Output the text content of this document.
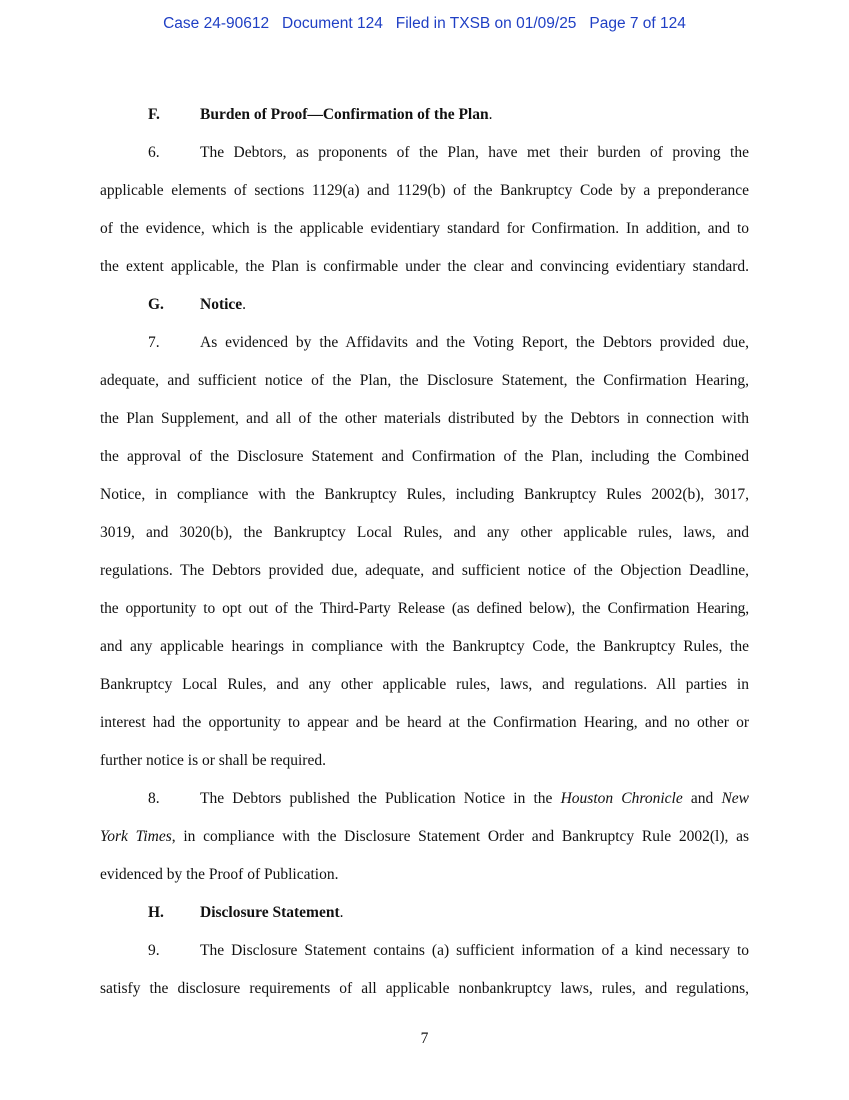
Case 24-90612 Document 124 Filed in TXSB on 01/09/25 Page 7 of 124
F.	Burden of Proof—Confirmation of the Plan.
6.	The Debtors, as proponents of the Plan, have met their burden of proving the
applicable elements of sections 1129(a) and 1129(b) of the Bankruptcy Code by a preponderance
of the evidence, which is the applicable evidentiary standard for Confirmation. In addition, and to
the extent applicable, the Plan is confirmable under the clear and convincing evidentiary standard.
G. Notice.
7.	As evidenced by the Affidavits and the Voting Report, the Debtors provided due,
adequate, and sufficient notice of the Plan, the Disclosure Statement, the Confirmation Hearing,
the Plan Supplement, and all of the other materials distributed by the Debtors in connection with
the approval of the Disclosure Statement and Confirmation of the Plan, including the Combined
Notice, in compliance with the Bankruptcy Rules, including Bankruptcy Rules 2002(b), 3017,
3019, and 3020(b), the Bankruptcy Local Rules, and any other applicable rules, laws, and
regulations. The Debtors provided due, adequate, and sufficient notice of the Objection Deadline,
the opportunity to opt out of the Third-Party Release (as defined below), the Confirmation Hearing,
and any applicable hearings in compliance with the Bankruptcy Code, the Bankruptcy Rules, the
Bankruptcy Local Rules, and any other applicable rules, laws, and regulations. All parties in
interest had the opportunity to appear and be heard at the Confirmation Hearing, and no other or
further notice is or shall be required.
8.	The Debtors published the Publication Notice in the Houston Chronicle and New
York Times, in compliance with the Disclosure Statement Order and Bankruptcy Rule 2002(l), as
evidenced by the Proof of Publication.
H. Disclosure Statement.
9.	The Disclosure Statement contains (a) sufficient information of a kind necessary to
satisfy the disclosure requirements of all applicable nonbankruptcy laws, rules, and regulations,
7
